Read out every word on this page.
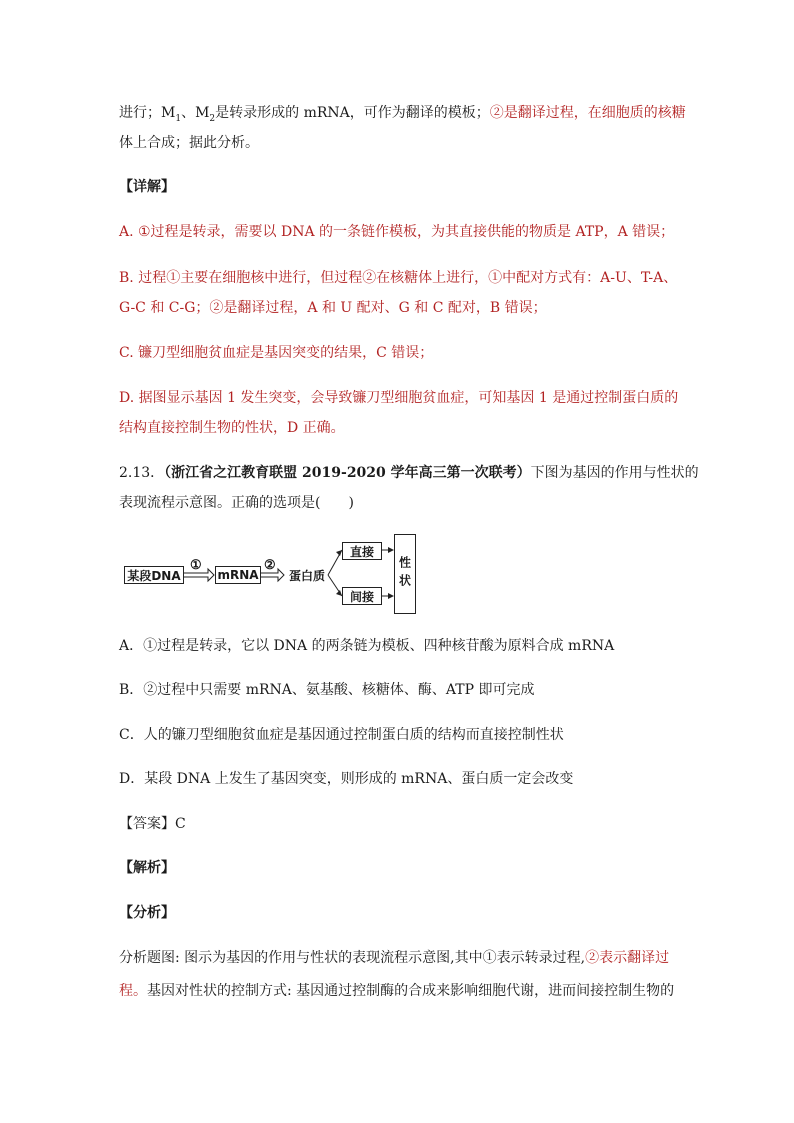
进行；$M_1$、$M_2$是转录形成的 mRNA，可作为翻译的模板；②是翻译过程，在细胞质的核糖
体上合成；据此分析。
【详解】
A. ①过程是转录，需要以 DNA 的一条链作模板，为其直接供能的物质是 ATP，A 错误；
B. 过程①主要在细胞核中进行，但过程②在核糖体上进行，①中配对方式有：A-U、T-A、
G-C 和 C-G；②是翻译过程，A 和 U 配对、G 和 C 配对，B 错误；
C. 镰刀型细胞贫血症是基因突变的结果，C 错误；
D. 据图显示基因 1 发生突变，会导致镰刀型细胞贫血症，可知基因 1 是通过控制蛋白质的
结构直接控制生物的性状，D 正确。
2.13．（浙江省之江教育联盟 2019-2020 学年高三第一次联考）下图为基因的作用与性状的
表现流程示意图。正确的选项是(　　)
某段DNA
①
mRNA
②
蛋白质
直接
间接
性状
A．①过程是转录，它以 DNA 的两条链为模板、四种核苷酸为原料合成 mRNA
B．②过程中只需要 mRNA、氨基酸、核糖体、酶、ATP 即可完成
C．人的镰刀型细胞贫血症是基因通过控制蛋白质的结构而直接控制性状
D．某段 DNA 上发生了基因突变，则形成的 mRNA、蛋白质一定会改变
【答案】C
【解析】
【分析】
分析题图: 图示为基因的作用与性状的表现流程示意图,其中①表示转录过程,②表示翻译过
程。基因对性状的控制方式: 基因通过控制酶的合成来影响细胞代谢，进而间接控制生物的
